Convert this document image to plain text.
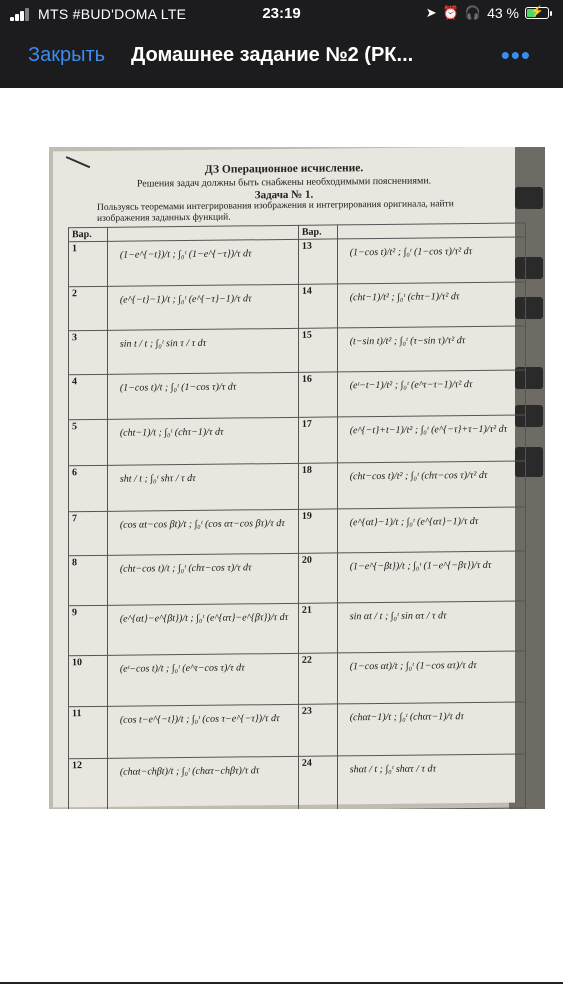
MTS #BUD'DOMA LTE	23:19	➤ ⏰ 🎧 43 %	⚡
Закрыть Домашнее задание №2 (РК...	•••
ДЗ Операционное исчисление.
Решения задач должны быть снабжены необходимыми пояснениями.
Задача № 1.
Пользуясь теоремами интегрирования изображения и интегрирования оригинала, найти изображения заданных функций.
Вар.		Вар.	
1	(1−e^{−t})/t ; ∫₀ᵗ (1−e^{−τ})/τ dτ	13	(1−cos t)/t² ; ∫₀ᵗ (1−cos τ)/τ² dτ

2	(e^{−t}−1)/t ; ∫₀ᵗ (e^{−τ}−1)/τ dτ	14	(cht−1)/t² ; ∫₀ᵗ (chτ−1)/τ² dτ

3	sin t / t ; ∫₀ᵗ sin τ / τ dτ	15	(t−sin t)/t² ; ∫₀ᵗ (τ−sin τ)/τ² dτ

4	(1−cos t)/t ; ∫₀ᵗ (1−cos τ)/τ dτ	16	(eᵗ−t−1)/t² ; ∫₀ᵗ (e^τ−τ−1)/τ² dτ

5	(cht−1)/t ; ∫₀ᵗ (chτ−1)/τ dτ	17	(e^{−t}+t−1)/t² ; ∫₀ᵗ (e^{−τ}+τ−1)/τ² dτ

6	sht / t ; ∫₀ᵗ shτ / τ dτ	18	(cht−cos t)/t² ; ∫₀ᵗ (chτ−cos τ)/τ² dτ

7	(cos αt−cos βt)/t ; ∫₀ᵗ (cos ατ−cos βτ)/τ dτ	19	(e^{αt}−1)/t ; ∫₀ᵗ (e^{ατ}−1)/τ dτ

8	(cht−cos t)/t ; ∫₀ᵗ (chτ−cos τ)/τ dτ	20	(1−e^{−βt})/t ; ∫₀ᵗ (1−e^{−βτ})/τ dτ

9	(e^{αt}−e^{βt})/t ; ∫₀ᵗ (e^{ατ}−e^{βτ})/τ dτ	21	sin αt / t ; ∫₀ᵗ sin ατ / τ dτ

10	(eᵗ−cos t)/t ; ∫₀ᵗ (e^τ−cos τ)/τ dτ	22	(1−cos αt)/t ; ∫₀ᵗ (1−cos ατ)/τ dτ

11	(cos t−e^{−t})/t ; ∫₀ᵗ (cos τ−e^{−τ})/τ dτ	23	(chαt−1)/t ; ∫₀ᵗ (chατ−1)/τ dτ

12	(chαt−chβt)/t ; ∫₀ᵗ (chατ−chβτ)/τ dτ	24	shαt / t ; ∫₀ᵗ shατ / τ dτ
